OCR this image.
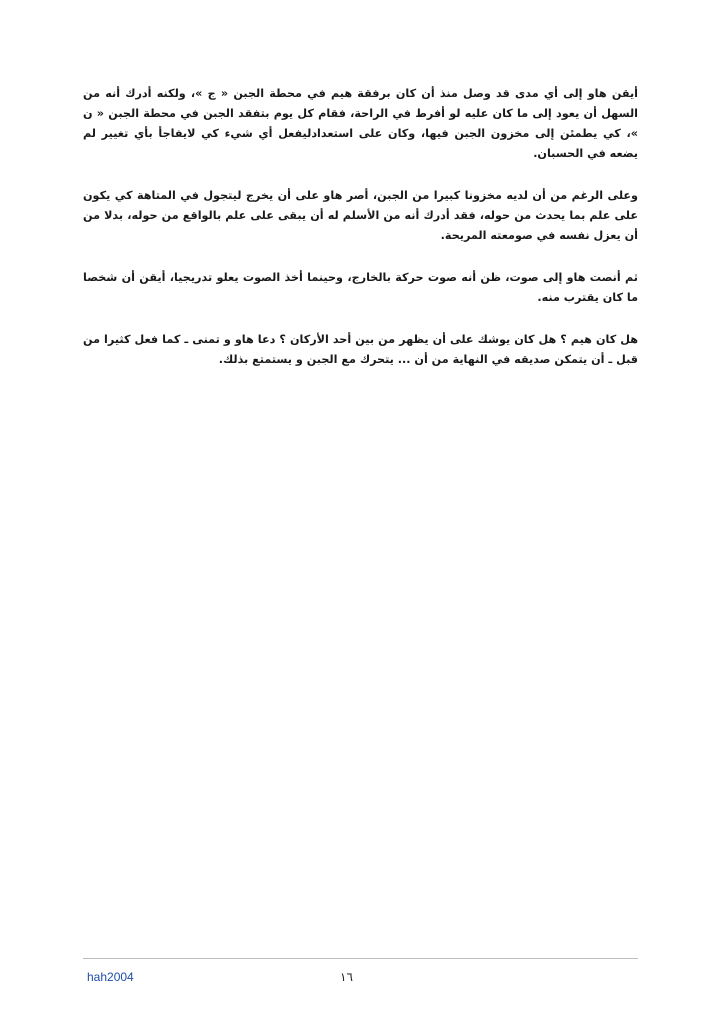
أيقن هاو إلى أي مدى قد وصل منذ أن كان برفقة هيم في محطة الجبن « ج »، ولكنه أدرك أنه من السهل أن يعود إلى ما كان عليه لو أفرط في الراحة، فقام كل يوم بتفقد الجبن في محطة الجبن « ن »، كي يطمئن إلى مخزون الجبن فيها، وكان على استعدادليفعل أي شيء كي لايفاجأ بأي تغيير لم يضعه في الحسبان.

وعلى الرغم من أن لديه مخزونا كبيرا من الجبن، أصر هاو على أن يخرج ليتجول في المتاهة كي يكون على علم بما يحدث من حوله، فقد أدرك أنه من الأسلم له أن يبقى على علم بالواقع من حوله، بدلا من أن يعزل نفسه في صومعته المريحة.

ثم أنصت هاو إلى صوت، ظن أنه صوت حركة بالخارج، وحينما أخذ الصوت يعلو تدريجيا، أيقن أن شخصا ما كان يقترب منه.

هل كان هيم ؟ هل كان يوشك على أن يظهر من بين أحد الأركان ؟ دعا هاو و تمنى ـ كما فعل كثيرا من قبل ـ أن يتمكن صديقه في النهاية من أن ... يتحرك مع الجبن و يستمتع بذلك.

hah2004	١٦
